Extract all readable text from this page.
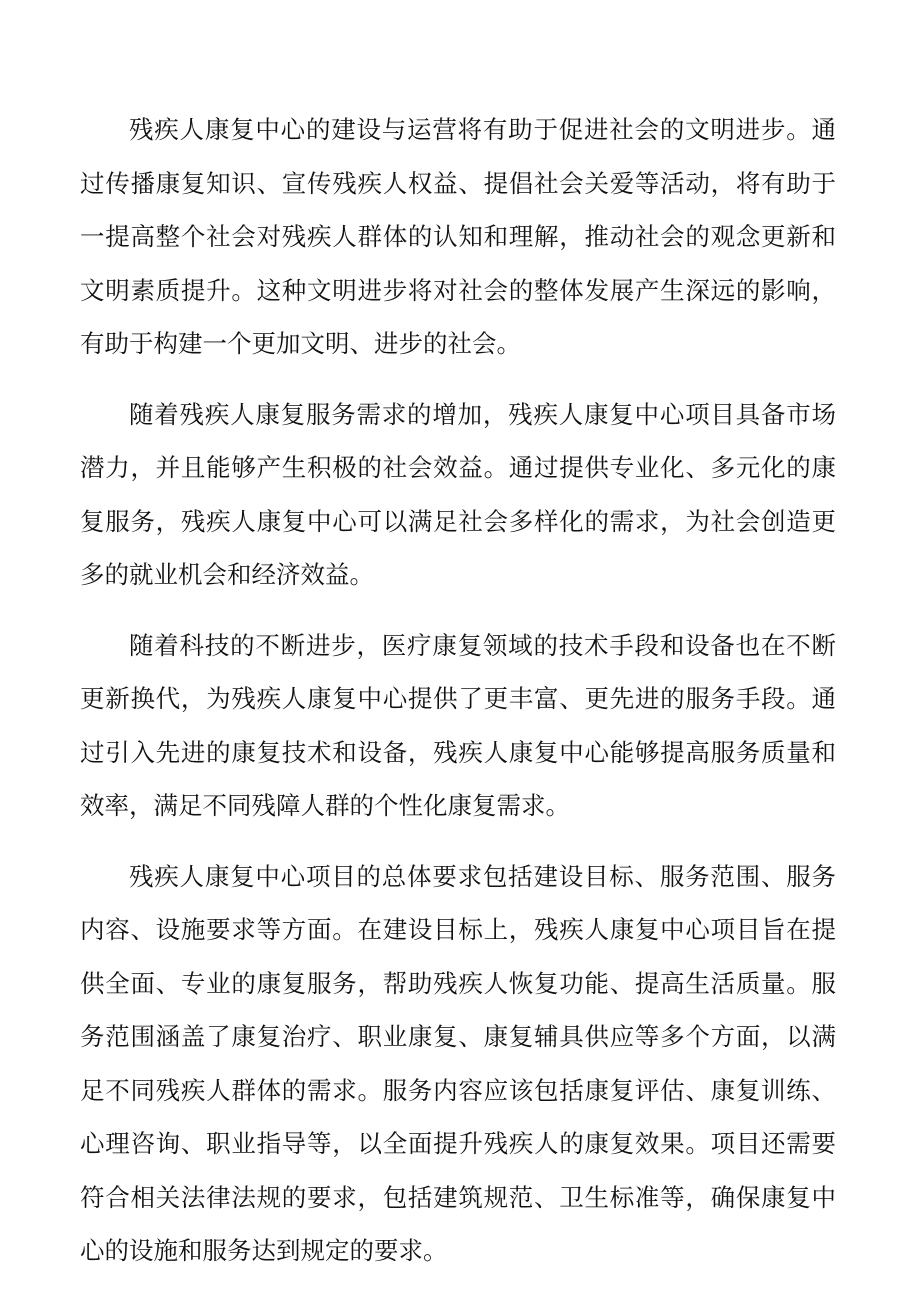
残疾人康复中心的建设与运营将有助于促进社会的文明进步。通过传播康复知识、宣传残疾人权益、提倡社会关爱等活动，将有助于一提高整个社会对残疾人群体的认知和理解，推动社会的观念更新和文明素质提升。这种文明进步将对社会的整体发展产生深远的影响，有助于构建一个更加文明、进步的社会。

随着残疾人康复服务需求的增加，残疾人康复中心项目具备市场潜力，并且能够产生积极的社会效益。通过提供专业化、多元化的康复服务，残疾人康复中心可以满足社会多样化的需求，为社会创造更多的就业机会和经济效益。

随着科技的不断进步，医疗康复领域的技术手段和设备也在不断更新换代，为残疾人康复中心提供了更丰富、更先进的服务手段。通过引入先进的康复技术和设备，残疾人康复中心能够提高服务质量和效率，满足不同残障人群的个性化康复需求。

残疾人康复中心项目的总体要求包括建设目标、服务范围、服务内容、设施要求等方面。在建设目标上，残疾人康复中心项目旨在提供全面、专业的康复服务，帮助残疾人恢复功能、提高生活质量。服务范围涵盖了康复治疗、职业康复、康复辅具供应等多个方面，以满足不同残疾人群体的需求。服务内容应该包括康复评估、康复训练、心理咨询、职业指导等，以全面提升残疾人的康复效果。项目还需要符合相关法律法规的要求，包括建筑规范、卫生标准等，确保康复中心的设施和服务达到规定的要求。
